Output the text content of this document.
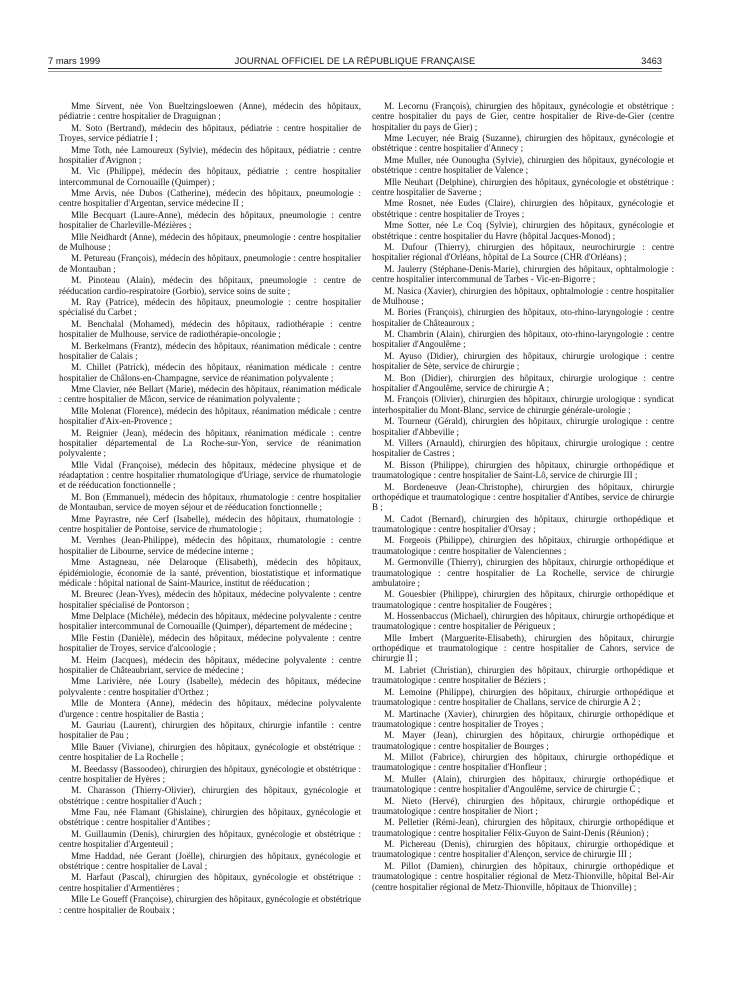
7 mars 1999	JOURNAL OFFICIEL DE LA RÉPUBLIQUE FRANÇAISE	3463

Mme Sirvent, née Von Bueltzingsloewen (Anne), médecin des hôpitaux, pédiatrie : centre hospitalier de Draguignan ;

M. Soto (Bertrand), médecin des hôpitaux, pédiatrie : centre hospitalier de Troyes, service pédiatrie I ;

Mme Toth, née Lamoureux (Sylvie), médecin des hôpitaux, pédiatrie : centre hospitalier d'Avignon ;

M. Vic (Philippe), médecin des hôpitaux, pédiatrie : centre hospitalier intercommunal de Cornouaille (Quimper) ;

Mme Arvis, née Dubos (Catherine), médecin des hôpitaux, pneumologie : centre hospitalier d'Argentan, service médecine II ;

Mlle Becquart (Laure-Anne), médecin des hôpitaux, pneumologie : centre hospitalier de Charleville-Mézières ;

Mlle Neidhardt (Anne), médecin des hôpitaux, pneumologie : centre hospitalier de Mulhouse ;

M. Petureau (François), médecin des hôpitaux, pneumologie : centre hospitalier de Montauban ;

M. Pinoteau (Alain), médecin des hôpitaux, pneumologie : centre de rééducation cardio-respiratoire (Gorbio), service soins de suite ;

M. Ray (Patrice), médecin des hôpitaux, pneumologie : centre hospitalier spécialisé du Carbet ;

M. Benchalal (Mohamed), médecin des hôpitaux, radiothérapie : centre hospitalier de Mulhouse, service de radiothérapie-oncologie ;

M. Berkelmans (Frantz), médecin des hôpitaux, réanimation médicale : centre hospitalier de Calais ;

M. Chillet (Patrick), médecin des hôpitaux, réanimation médicale : centre hospitalier de Châlons-en-Champagne, service de réanimation polyvalente ;

Mme Clavier, née Bellart (Marie), médecin des hôpitaux, réanimation médicale : centre hospitalier de Mâcon, service de réanimation polyvalente ;

Mlle Molenat (Florence), médecin des hôpitaux, réanimation médicale : centre hospitalier d'Aix-en-Provence ;

M. Reignier (Jean), médecin des hôpitaux, réanimation médicale : centre hospitalier départemental de La Roche-sur-Yon, service de réanimation polyvalente ;

Mlle Vidal (Françoise), médecin des hôpitaux, médecine physique et de réadaptation : centre hospitalier rhumatologique d'Uriage, service de rhumatologie et de rééducation fonctionnelle ;

M. Bon (Emmanuel), médecin des hôpitaux, rhumatologie : centre hospitalier de Montauban, service de moyen séjour et de rééducation fonctionnelle ;

Mme Payrastre, née Cerf (Isabelle), médecin des hôpitaux, rhumatologie : centre hospitalier de Pontoise, service de rhumatologie ;

M. Vernhes (Jean-Philippe), médecin des hôpitaux, rhumatologie : centre hospitalier de Libourne, service de médecine interne ;

Mme Astagneau, née Delaroque (Elisabeth), médecin des hôpitaux, épidémiologie, économie de la santé, prévention, biostatistique et informatique médicale : hôpital national de Saint-Maurice, institut de rééducation ;

M. Breurec (Jean-Yves), médecin des hôpitaux, médecine polyvalente : centre hospitalier spécialisé de Pontorson ;

Mme Delplace (Michèle), médecin des hôpitaux, médecine polyvalente : centre hospitalier intercommunal de Cornouaille (Quimper), département de médecine ;

Mlle Festin (Danièle), médecin des hôpitaux, médecine polyvalente : centre hospitalier de Troyes, service d'alcoologie ;

M. Heim (Jacques), médecin des hôpitaux, médecine polyvalente : centre hospitalier de Châteaubriant, service de médecine ;

Mme Larivière, née Loury (Isabelle), médecin des hôpitaux, médecine polyvalente : centre hospitalier d'Orthez ;

Mlle de Montera (Anne), médecin des hôpitaux, médecine polyvalente d'urgence : centre hospitalier de Bastia ;

M. Gauriau (Laurent), chirurgien des hôpitaux, chirurgie infantile : centre hospitalier de Pau ;

Mlle Bauer (Viviane), chirurgien des hôpitaux, gynécologie et obstétrique : centre hospitalier de La Rochelle ;

M. Beedassy (Bassoodeo), chirurgien des hôpitaux, gynécologie et obstétrique : centre hospitalier de Hyères ;

M. Charasson (Thierry-Olivier), chirurgien des hôpitaux, gynécologie et obstétrique : centre hospitalier d'Auch ;

Mme Fau, née Flamant (Ghislaine), chirurgien des hôpitaux, gynécologie et obstétrique : centre hospitalier d'Antibes ;

M. Guillaumin (Denis), chirurgien des hôpitaux, gynécologie et obstétrique : centre hospitalier d'Argenteuil ;

Mme Haddad, née Gerant (Joëlle), chirurgien des hôpitaux, gynécologie et obstétrique : centre hospitalier de Laval ;

M. Harfaut (Pascal), chirurgien des hôpitaux, gynécologie et obstétrique : centre hospitalier d'Armentières ;

Mlle Le Goueff (Françoise), chirurgien des hôpitaux, gynécologie et obstétrique : centre hospitalier de Roubaix ;

M. Lecornu (François), chirurgien des hôpitaux, gynécologie et obstétrique : centre hospitalier du pays de Gier, centre hospitalier de Rive-de-Gier (centre hospitalier du pays de Gier) ;

Mme Lecuyer, née Braig (Suzanne), chirurgien des hôpitaux, gynécologie et obstétrique : centre hospitalier d'Annecy ;

Mme Muller, née Ounougha (Sylvie), chirurgien des hôpitaux, gynécologie et obstétrique : centre hospitalier de Valence ;

Mlle Neuhart (Delphine), chirurgien des hôpitaux, gynécologie et obstétrique : centre hospitalier de Saverne ;

Mme Rosnet, née Eudes (Claire), chirurgien des hôpitaux, gynécologie et obstétrique : centre hospitalier de Troyes ;

Mme Sotter, née Le Coq (Sylvie), chirurgien des hôpitaux, gynécologie et obstétrique : centre hospitalier du Havre (hôpital Jacques-Monod) ;

M. Dufour (Thierry), chirurgien des hôpitaux, neurochirurgie : centre hospitalier régional d'Orléans, hôpital de La Source (CHR d'Orléans) ;

M. Jaulerry (Stéphane-Denis-Marie), chirurgien des hôpitaux, ophtalmologie : centre hospitalier intercommunal de Tarbes - Vic-en-Bigorre ;

M. Nasica (Xavier), chirurgien des hôpitaux, ophtalmologie : centre hospitalier de Mulhouse ;

M. Bories (François), chirurgien des hôpitaux, oto-rhino-laryngologie : centre hospitalier de Châteauroux ;

M. Chambrin (Alain), chirurgien des hôpitaux, oto-rhino-laryngologie : centre hospitalier d'Angoulême ;

M. Ayuso (Didier), chirurgien des hôpitaux, chirurgie urologique : centre hospitalier de Sète, service de chirurgie ;

M. Bon (Didier), chirurgien des hôpitaux, chirurgie urologique : centre hospitalier d'Angoulême, service de chirurgie A ;

M. François (Olivier), chirurgien des hôpitaux, chirurgie urologique : syndicat interhospitalier du Mont-Blanc, service de chirurgie générale-urologie ;

M. Tourneur (Gérald), chirurgien des hôpitaux, chirurgie urologique : centre hospitalier d'Abbeville ;

M. Villers (Arnauld), chirurgien des hôpitaux, chirurgie urologique : centre hospitalier de Castres ;

M. Bisson (Philippe), chirurgien des hôpitaux, chirurgie orthopédique et traumatologique : centre hospitalier de Saint-Lô, service de chirurgie III ;

M. Bordeneuve (Jean-Christophe), chirurgien des hôpitaux, chirurgie orthopédique et traumatologique : centre hospitalier d'Antibes, service de chirurgie B ;

M. Cadot (Bernard), chirurgien des hôpitaux, chirurgie orthopédique et traumatologique : centre hospitalier d'Orsay ;

M. Forgeois (Philippe), chirurgien des hôpitaux, chirurgie orthopédique et traumatologique : centre hospitalier de Valenciennes ;

M. Germonville (Thierry), chirurgien des hôpitaux, chirurgie orthopédique et traumatologique : centre hospitalier de La Rochelle, service de chirurgie ambulatoire ;

M. Gouesbier (Philippe), chirurgien des hôpitaux, chirurgie orthopédique et traumatologique : centre hospitalier de Fougères ;

M. Hossenbaccus (Michael), chirurgien des hôpitaux, chirurgie orthopédique et traumatologique : centre hospitalier de Périgueux ;

Mlle Imbert (Marguerite-Elisabeth), chirurgien des hôpitaux, chirurgie orthopédique et traumatologique : centre hospitalier de Cahors, service de chirurgie II ;

M. Labriet (Christian), chirurgien des hôpitaux, chirurgie orthopédique et traumatologique : centre hospitalier de Béziers ;

M. Lemoine (Philippe), chirurgien des hôpitaux, chirurgie orthopédique et traumatologique : centre hospitalier de Challans, service de chirurgie A 2 ;

M. Martinache (Xavier), chirurgien des hôpitaux, chirurgie orthopédique et traumatologique : centre hospitalier de Troyes ;

M. Mayer (Jean), chirurgien des hôpitaux, chirurgie orthopédique et traumatologique : centre hospitalier de Bourges ;

M. Millot (Fabrice), chirurgien des hôpitaux, chirurgie orthopédique et traumatologique : centre hospitalier d'Honfleur ;

M. Muller (Alain), chirurgien des hôpitaux, chirurgie orthopédique et traumatologique : centre hospitalier d'Angoulême, service de chirurgie C ;

M. Nieto (Hervé), chirurgien des hôpitaux, chirurgie orthopédique et traumatologique : centre hospitalier de Niort ;

M. Pelletier (Rémi-Jean), chirurgien des hôpitaux, chirurgie orthopédique et traumatologique : centre hospitalier Félix-Guyon de Saint-Denis (Réunion) ;

M. Pichereau (Denis), chirurgien des hôpitaux, chirurgie orthopédique et traumatologique : centre hospitalier d'Alençon, service de chirurgie III ;

M. Pillot (Damien), chirurgien des hôpitaux, chirurgie orthopédique et traumatologique : centre hospitalier régional de Metz-Thionville, hôpital Bel-Air (centre hospitalier régional de Metz-Thionville, hôpitaux de Thionville) ;
